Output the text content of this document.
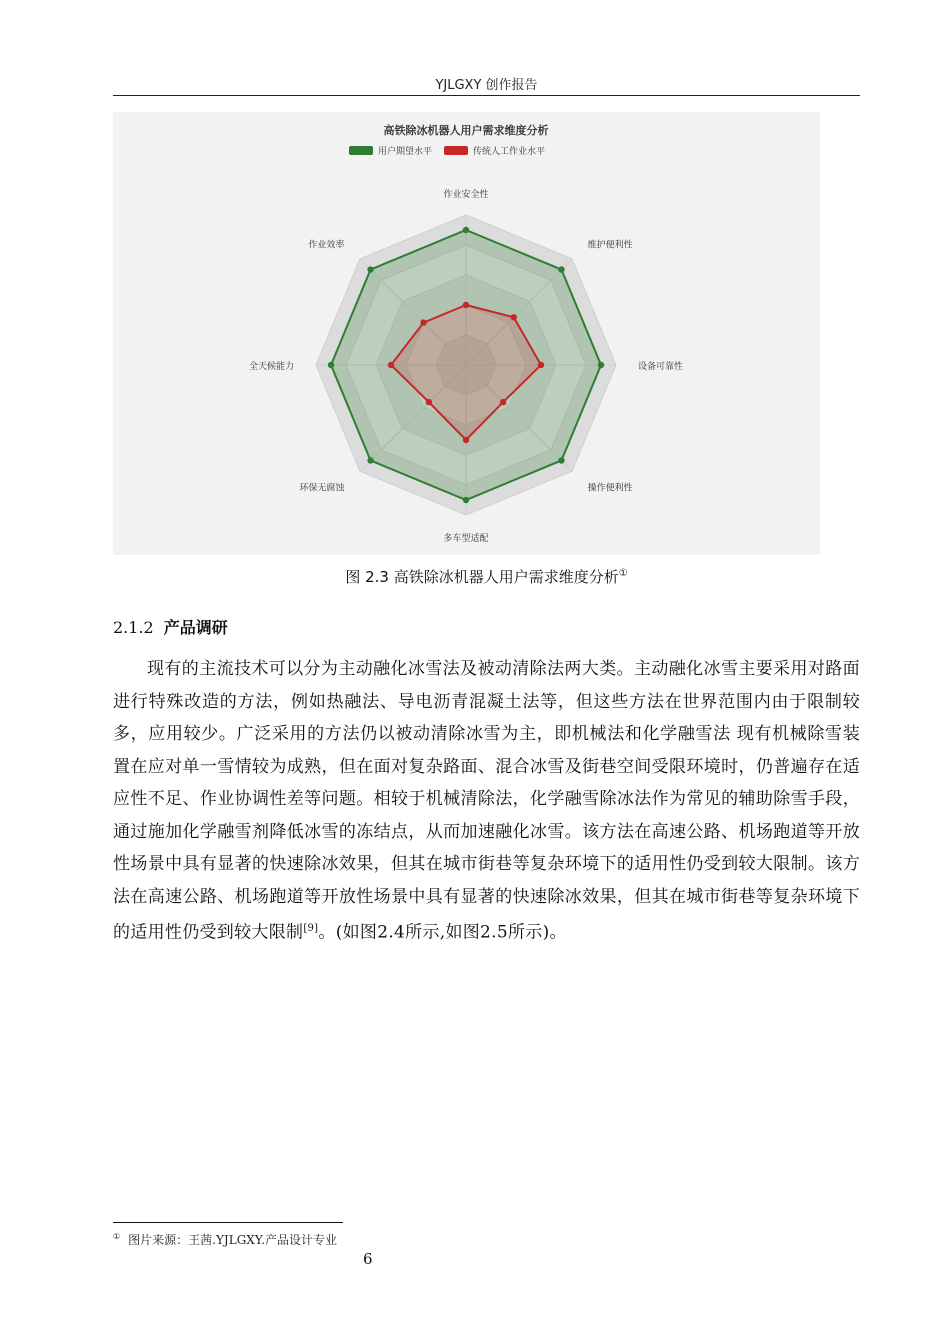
YJLGXY 创作报告
高铁除冰机器人用户需求维度分析
用户期望水平	传统人工作业水平
作业安全性
维护便利性
设备可靠性
操作便利性
多车型适配
环保无腐蚀
全天候能力
作业效率
图 2.3 高铁除冰机器人用户需求维度分析①
2.1.2 产品调研

现有的主流技术可以分为主动融化冰雪法及被动清除法两大类。主动融化冰雪主要采用对路面进行特殊改造的方法，例如热融法、导电沥青混凝土法等，但这些方法在世界范围内由于限制较多，应用较少。广泛采用的方法仍以被动清除冰雪为主，即机械法和化学融雪法 现有机械除雪装置在应对单一雪情较为成熟，但在面对复杂路面、混合冰雪及街巷空间受限环境时，仍普遍存在适应性不足、作业协调性差等问题。相较于机械清除法，化学融雪除冰法作为常见的辅助除雪手段，通过施加化学融雪剂降低冰雪的冻结点，从而加速融化冰雪。该方法在高速公路、机场跑道等开放性场景中具有显著的快速除冰效果，但其在城市街巷等复杂环境下的适用性仍受到较大限制。该方法在高速公路、机场跑道等开放性场景中具有显著的快速除冰效果，但其在城市街巷等复杂环境下的适用性仍受到较大限制[9]。(如图2.4所示,如图2.5所示)。

① 图片来源：王茜.YJLGXY.产品设计专业
6
